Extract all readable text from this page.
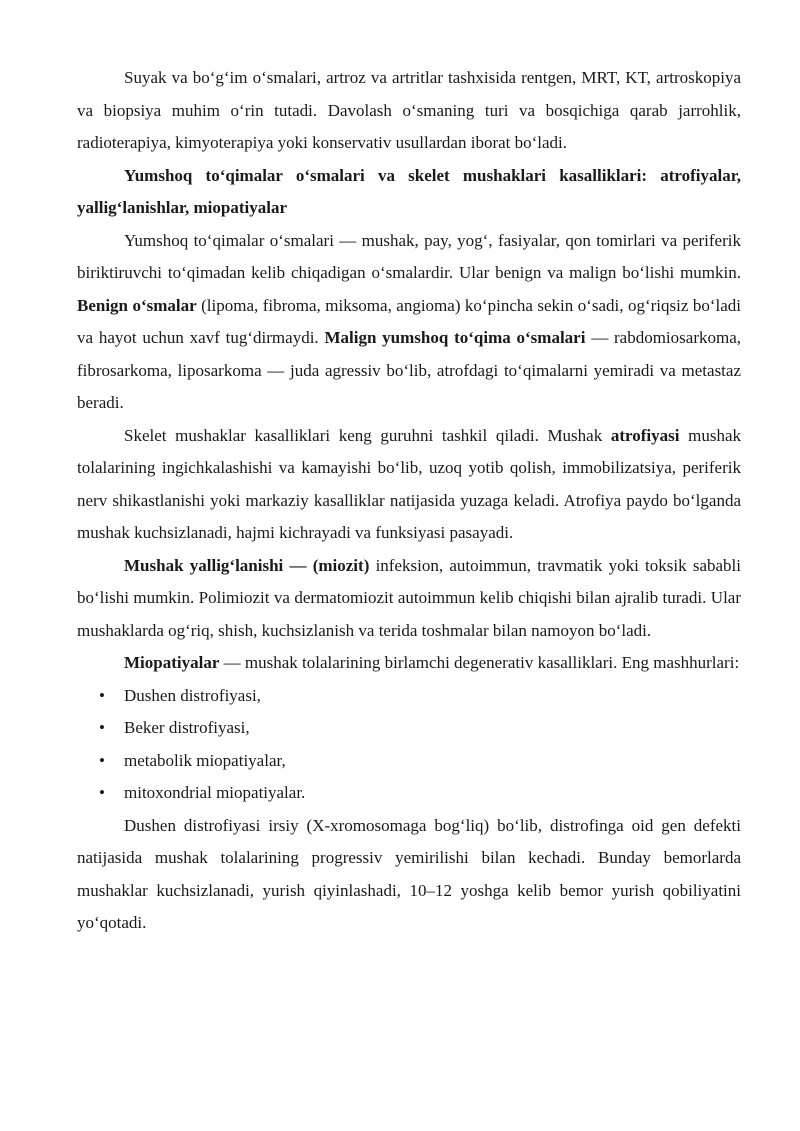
Suyak va bo‘g‘im o‘smalari, artroz va artritlar tashxisida rentgen, MRT, KT, artroskopiya va biopsiya muhim o‘rin tutadi. Davolash o‘smaning turi va bosqichiga qarab jarrohlik, radioterapiya, kimyoterapiya yoki konservativ usullardan iborat bo‘ladi.

Yumshoq to‘qimalar o‘smalari va skelet mushaklari kasalliklari: atrofiyalar, yallig‘lanishlar, miopatiyalar

Yumshoq to‘qimalar o‘smalari — mushak, pay, yog‘, fasiyalar, qon tomirlari va periferik biriktiruvchi to‘qimadan kelib chiqadigan o‘smalardir. Ular benign va malign bo‘lishi mumkin. Benign o‘smalar (lipoma, fibroma, miksoma, angioma) ko‘pincha sekin o‘sadi, og‘riqsiz bo‘ladi va hayot uchun xavf tug‘dirmaydi. Malign yumshoq to‘qima o‘smalari — rabdomiosarkoma, fibrosarkoma, liposarkoma — juda agressiv bo‘lib, atrofdagi to‘qimalarni yemiradi va metastaz beradi.

Skelet mushaklar kasalliklari keng guruhni tashkil qiladi. Mushak atrofiyasi mushak tolalarining ingichkalashishi va kamayishi bo‘lib, uzoq yotib qolish, immobilizatsiya, periferik nerv shikastlanishi yoki markaziy kasalliklar natijasida yuzaga keladi. Atrofiya paydo bo‘lganda mushak kuchsizlanadi, hajmi kichrayadi va funksiyasi pasayadi.

Mushak yallig‘lanishi — (miozit) infeksion, autoimmun, travmatik yoki toksik sababli bo‘lishi mumkin. Polimiozit va dermatomiozit autoimmun kelib chiqishi bilan ajralib turadi. Ular mushaklarda og‘riq, shish, kuchsizlanish va terida toshmalar bilan namoyon bo‘ladi.

Miopatiyalar — mushak tolalarining birlamchi degenerativ kasalliklari. Eng mashhurlari:

• Dushen distrofiyasi,
• Beker distrofiyasi,
• metabolik miopatiyalar,
• mitoxondrial miopatiyalar.

Dushen distrofiyasi irsiy (X-xromosomaga bog‘liq) bo‘lib, distrofinga oid gen defekti natijasida mushak tolalarining progressiv yemirilishi bilan kechadi. Bunday bemorlarda mushaklar kuchsizlanadi, yurish qiyinlashadi, 10–12 yoshga kelib bemor yurish qobiliyatini yo‘qotadi.
